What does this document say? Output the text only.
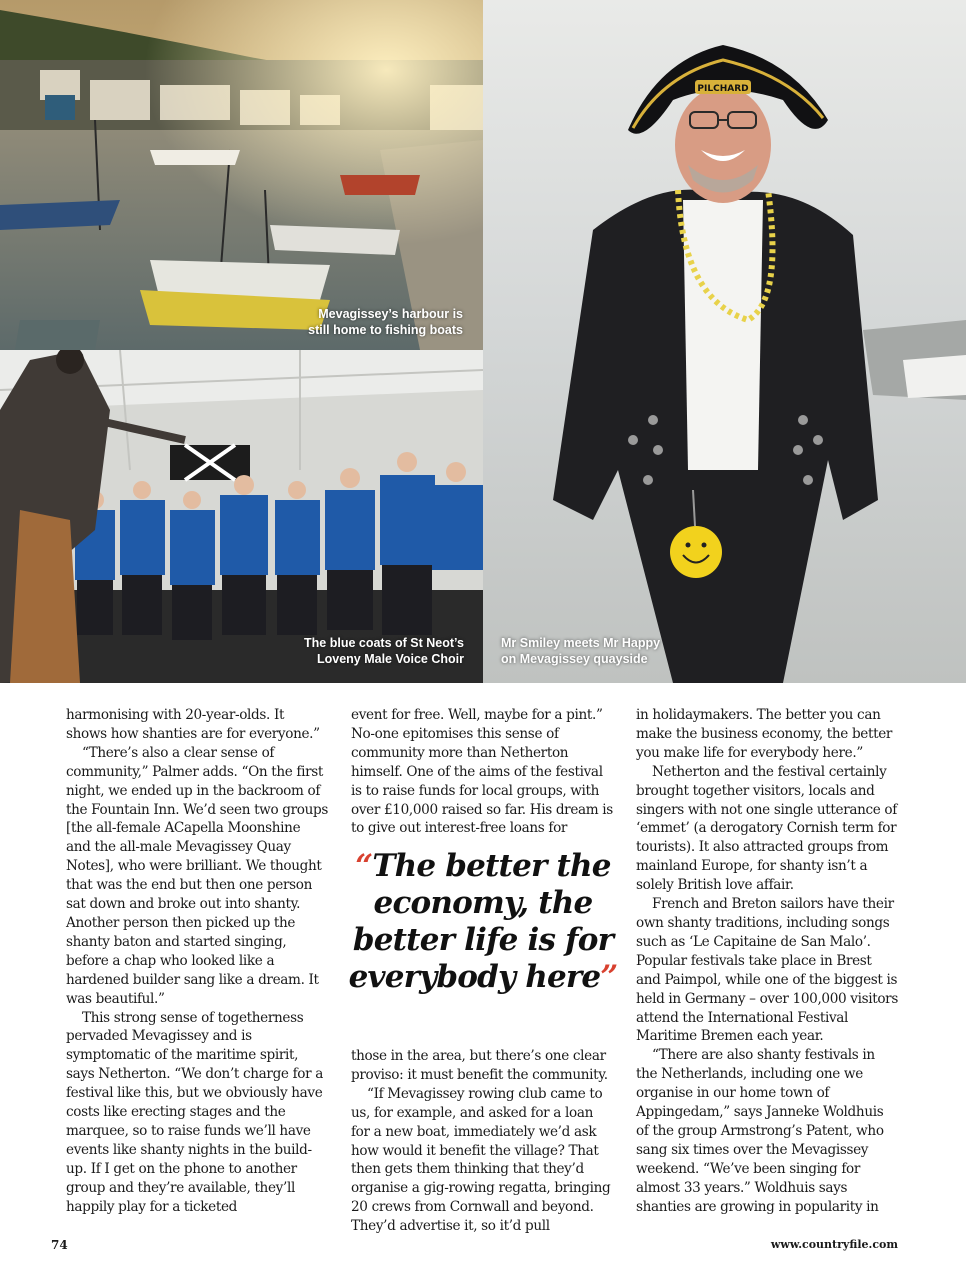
Mevagissey’s harbour is
still home to fishing boats
The blue coats of St Neot’s
Loveny Male Voice Choir
PILCHARD
Mr Smiley meets Mr Happy
on Mevagissey quayside

harmonising with 20-year-olds. It shows how shanties are for everyone.”

“There’s also a clear sense of community,” Palmer adds. “On the first night, we ended up in the backroom of the Fountain Inn. We’d seen two groups [the all-female ACapella Moonshine and the all-male Mevagissey Quay Notes], who were brilliant. We thought that was the end but then one person sat down and broke out into shanty. Another person then picked up the shanty baton and started singing, before a chap who looked like a hardened builder sang like a dream. It was beautiful.”

This strong sense of togetherness pervaded Mevagissey and is symptomatic of the maritime spirit, says Netherton. “We don’t charge for a festival like this, but we obviously have costs like erecting stages and the marquee, so to raise funds we’ll have events like shanty nights in the build-up. If I get on the phone to another group and they’re available, they’ll happily play for a ticketed

event for free. Well, maybe for a pint.” No-one epitomises this sense of community more than Netherton himself. One of the aims of the festival is to raise funds for local groups, with over £10,000 raised so far. His dream is to give out interest-free loans for

“The better the economy, the better life is for everybody here”

those in the area, but there’s one clear proviso: it must benefit the community.

“If Mevagissey rowing club came to us, for example, and asked for a loan for a new boat, immediately we’d ask how would it benefit the village? That then gets them thinking that they’d organise a gig-rowing regatta, bringing 20 crews from Cornwall and beyond. They’d advertise it, so it’d pull

in holidaymakers. The better you can make the business economy, the better you make life for everybody here.”

Netherton and the festival certainly brought together visitors, locals and singers with not one single utterance of ‘emmet’ (a derogatory Cornish term for tourists). It also attracted groups from mainland Europe, for shanty isn’t a solely British love affair.

French and Breton sailors have their own shanty traditions, including songs such as ‘Le Capitaine de San Malo’. Popular festivals take place in Brest and Paimpol, while one of the biggest is held in Germany – over 100,000 visitors attend the International Festival Maritime Bremen each year.

“There are also shanty festivals in the Netherlands, including one we organise in our home town of Appingedam,” says Janneke Woldhuis of the group Armstrong’s Patent, who sang six times over the Mevagissey weekend. “We’ve been singing for almost 33 years.” Woldhuis says shanties are growing in popularity in

74	www.countryfile.com
